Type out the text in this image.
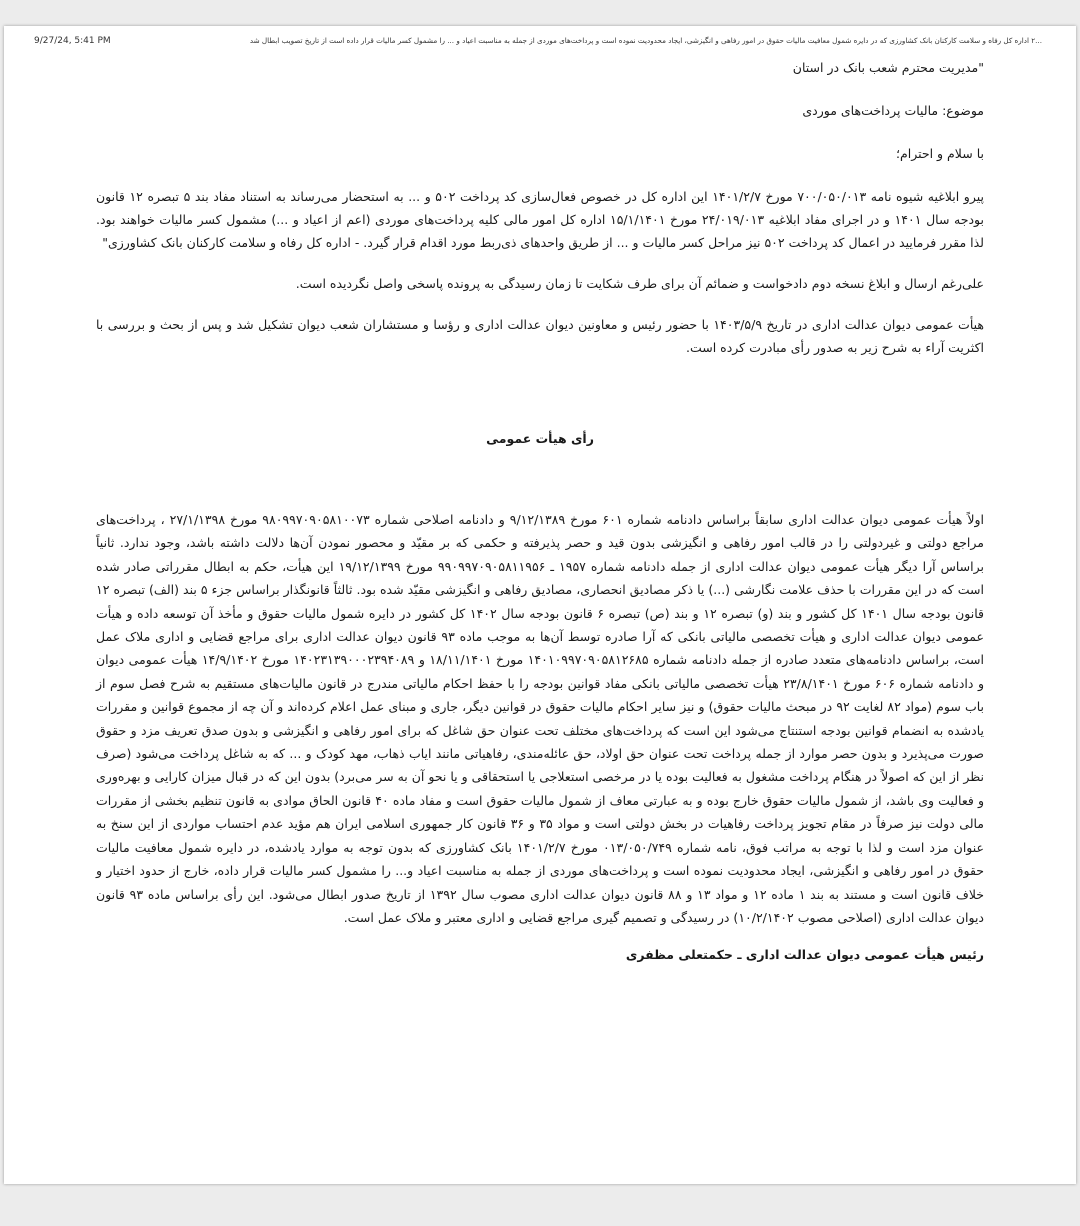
9/27/24, 5:41 PM	...۲ اداره کل رفاه و سلامت کارکنان بانک کشاورزی که در دایره شمول معافیت مالیات حقوق در امور رفاهی و انگیزشی، ایجاد محدودیت نموده است و پرداخت‌های موردی از جمله به مناسبت اعیاد و ... را مشمول کسر مالیات قرار داده است از تاریخ تصویب ابطال شد

"مدیریت محترم شعب بانک در استان

موضوع: مالیات پرداخت‌های موردی

با سلام و احترام؛

پیرو ابلاغیه شیوه نامه ۷۰۰/۰۵۰/۰۱۳ مورخ ۱۴۰۱/۲/۷ این اداره کل در خصوص فعال‌سازی کد پرداخت ۵۰۲ و ... به استحضار می‌رساند به استناد مفاد بند ۵ تبصره ۱۲ قانون بودجه سال ۱۴۰۱ و در اجرای مفاد ابلاغیه ۲۴/۰۱۹/۰۱۳ مورخ ۱۵/۱/۱۴۰۱ اداره کل امور مالی کلیه پرداخت‌های موردی (اعم از اعیاد و ...) مشمول کسر مالیات خواهند بود. لذا مقرر فرمایید در اعمال کد پرداخت ۵۰۲ نیز مراحل کسر مالیات و ... از طریق واحدهای ذی‌ربط مورد اقدام قرار گیرد. - اداره کل رفاه و سلامت کارکنان بانک کشاورزی"

علی‌رغم ارسال و ابلاغ نسخه دوم دادخواست و ضمائم آن برای طرف شکایت تا زمان رسیدگی به پرونده پاسخی واصل نگردیده است.

هیأت عمومی دیوان عدالت اداری در تاریخ ۱۴۰۳/۵/۹ با حضور رئیس و معاونین دیوان عدالت اداری و رؤسا و مستشاران شعب دیوان تشکیل شد و پس از بحث و بررسی با اکثریت آراء به شرح زیر به صدور رأی مبادرت کرده است.

رأی هیأت عمومی

اولاً هیأت عمومی دیوان عدالت اداری سابقاً براساس دادنامه شماره ۶۰۱ مورخ ۹/۱۲/۱۳۸۹ و دادنامه اصلاحی شماره ۹۸۰۹۹۷۰۹۰۵۸۱۰۰۷۳ مورخ ۲۷/۱/۱۳۹۸ ، پرداخت‌های مراجع دولتی و غیردولتی را در قالب امور رفاهی و انگیزشی بدون قید و حصر پذیرفته و حکمی که بر مقیّد و محصور نمودن آن‌ها دلالت داشته باشد، وجود ندارد. ثانیاً براساس آرا دیگر هیأت عمومی دیوان عدالت اداری از جمله دادنامه شماره ۱۹۵۷ ـ ۹۹۰۹۹۷۰۹۰۵۸۱۱۹۵۶ مورخ ۱۹/۱۲/۱۳۹۹ این هیأت، حکم به ابطال مقرراتی صادر شده است که در این مقررات با حذف علامت نگارشی (...) یا ذکر مصادیق انحصاری، مصادیق رفاهی و انگیزشی مقیّد شده بود. ثالثاً قانونگذار براساس جزء ۵ بند (الف) تبصره ۱۲ قانون بودجه سال ۱۴۰۱ کل کشور و بند (و) تبصره ۱۲ و بند (ص) تبصره ۶ قانون بودجه سال ۱۴۰۲ کل کشور در دایره شمول مالیات حقوق و مأخذ آن توسعه داده و هیأت عمومی دیوان عدالت اداری و هیأت تخصصی مالیاتی بانکی که آرا صادره توسط آن‌ها به موجب ماده ۹۳ قانون دیوان عدالت اداری برای مراجع قضایی و اداری ملاک عمل است، براساس دادنامه‌های متعدد صادره از جمله دادنامه شماره ۱۴۰۱۰۹۹۷۰۹۰۵۸۱۲۶۸۵ مورخ ۱۸/۱۱/۱۴۰۱ و ۱۴۰۲۳۱۳۹۰۰۰۲۳۹۴۰۸۹ مورخ ۱۴/۹/۱۴۰۲ هیأت عمومی دیوان و دادنامه شماره ۶۰۶ مورخ ۲۳/۸/۱۴۰۱ هیأت تخصصی مالیاتی بانکی مفاد قوانین بودجه را با حفظ احکام مالیاتی مندرج در قانون مالیات‌های مستقیم به شرح فصل سوم از باب سوم (مواد ۸۲ لغایت ۹۲ در مبحث مالیات حقوق) و نیز سایر احکام مالیات حقوق در قوانین دیگر، جاری و مبنای عمل اعلام کرده‌اند و آن چه از مجموع قوانین و مقررات یادشده به انضمام قوانین بودجه استنتاج می‌شود این است که پرداخت‌های مختلف تحت عنوان حق شاغل که برای امور رفاهی و انگیزشی و بدون صدق تعریف مزد و حقوق صورت می‌پذیرد و بدون حصر موارد از جمله پرداخت تحت عنوان حق اولاد، حق عائله‌مندی، رفاهیاتی مانند ایاب ذهاب، مهد کودک و ... که به شاغل پرداخت می‌شود (صرف نظر از این که اصولاً در هنگام پرداخت مشغول به فعالیت بوده یا در مرخصی استعلاجی یا استحقاقی و یا نحو آن به سر می‌برد) بدون این که در قبال میزان کارایی و بهره‌وری و فعالیت وی باشد، از شمول مالیات حقوق خارج بوده و به عبارتی معاف از شمول مالیات حقوق است و مفاد ماده ۴۰ قانون الحاق موادی به قانون تنظیم بخشی از مقررات مالی دولت نیز صرفاً در مقام تجویز پرداخت رفاهیات در بخش دولتی است و مواد ۳۵ و ۳۶ قانون کار جمهوری اسلامی ایران هم مؤید عدم احتساب مواردی از این سنخ به عنوان مزد است و لذا با توجه به مراتب فوق، نامه شماره ۰۱۳/۰۵۰/۷۴۹ مورخ ۱۴۰۱/۲/۷ بانک کشاورزی که بدون توجه به موارد یادشده، در دایره شمول معافیت مالیات حقوق در امور رفاهی و انگیزشی، ایجاد محدودیت نموده است و پرداخت‌های موردی از جمله به مناسبت اعیاد و... را مشمول کسر مالیات قرار داده، خارج از حدود اختیار و خلاف قانون است و مستند به بند ۱ ماده ۱۲ و مواد ۱۳ و ۸۸ قانون دیوان عدالت اداری مصوب سال ۱۳۹۲ از تاریخ صدور ابطال می‌شود. این رأی براساس ماده ۹۳ قانون دیوان عدالت اداری (اصلاحی مصوب ۱۰/۲/۱۴۰۲) در رسیدگی و تصمیم گیری مراجع قضایی و اداری معتبر و ملاک عمل است.

رئیس هیأت عمومی دیوان عدالت اداری ـ حکمتعلی مظفری
